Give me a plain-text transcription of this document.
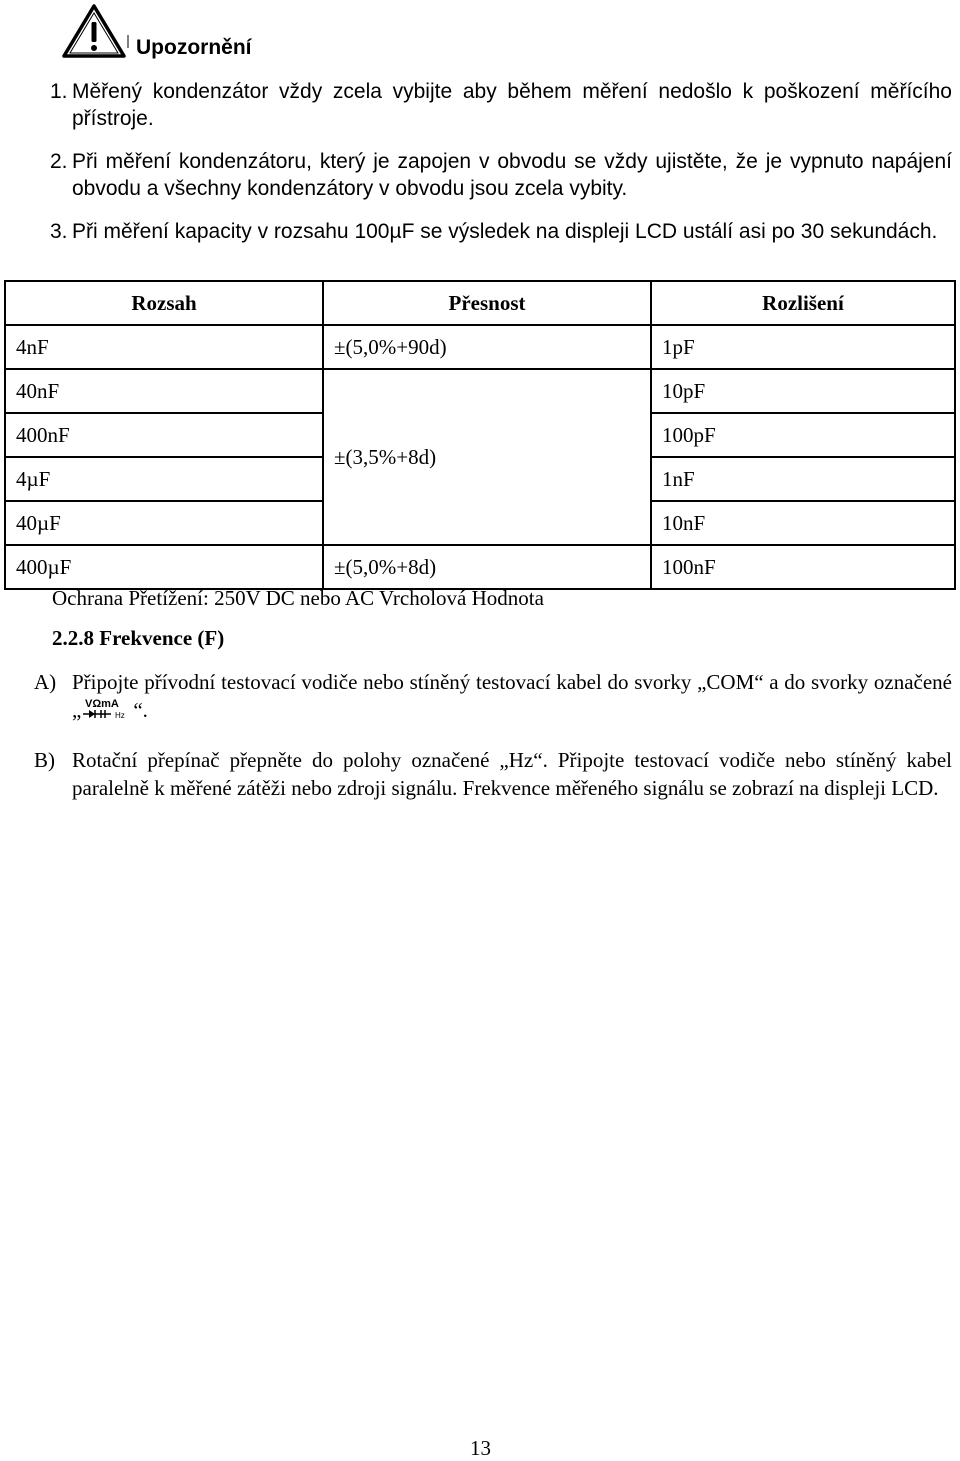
Upozornění
1. Měřený kondenzátor vždy zcela vybijte aby během měření nedošlo k poškození měřícího přístroje.
2. Při měření kondenzátoru, který je zapojen v obvodu se vždy ujistěte, že je vypnuto napájení obvodu a všechny kondenzátory v obvodu jsou zcela vybity.
3. Při měření kapacity v rozsahu 100µF se výsledek na displeji LCD ustálí asi po 30 sekundách.
Rozsah	Přesnost	Rozlišení
4nF	±(5,0%+90d)	1pF
40nF	±(3,5%+8d)	10pF
400nF		100pF
4µF		1nF
40µF		10nF
400µF	±(5,0%+8d)	100nF
Ochrana Přetížení: 250V DC nebo AC Vrcholová Hodnota
2.2.8 Frekvence (F)
A) Připojte přívodní testovací vodiče nebo stíněný testovací kabel do svorky „COM“ a do svorky označené „ VΩmA
Hz “.
B) Rotační přepínač přepněte do polohy označené „Hz“. Připojte testovací vodiče nebo stíněný kabel paralelně k měřené zátěži nebo zdroji signálu. Frekvence měřeného signálu se zobrazí na displeji LCD.
13
